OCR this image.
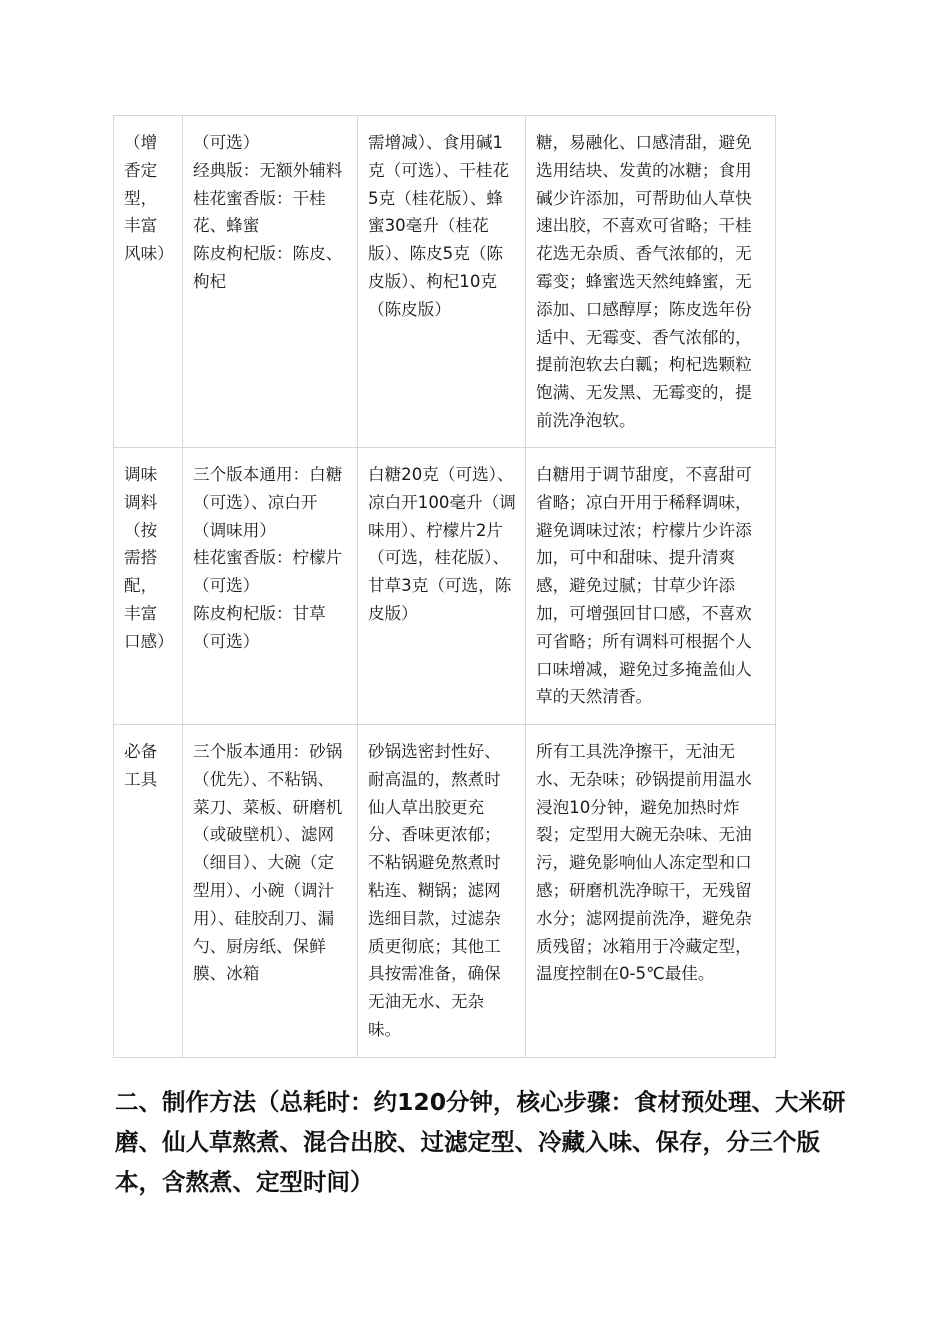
（增香定型，丰富风味）	（可选）
经典版：无额外辅料
桂花蜜香版：干桂花、蜂蜜
陈皮枸杞版：陈皮、枸杞	需增减）、食用碱1克（可选）、干桂花5克（桂花版）、蜂蜜30毫升（桂花版）、陈皮5克（陈皮版）、枸杞10克（陈皮版）	糖，易融化、口感清甜，避免选用结块、发黄的冰糖；食用碱少许添加，可帮助仙人草快速出胶，不喜欢可省略；干桂花选无杂质、香气浓郁的，无霉变；蜂蜜选天然纯蜂蜜，无添加、口感醇厚；陈皮选年份适中、无霉变、香气浓郁的，提前泡软去白瓤；枸杞选颗粒饱满、无发黑、无霉变的，提前洗净泡软。
调味调料（按需搭配，丰富口感）	三个版本通用：白糖（可选）、凉白开（调味用）
桂花蜜香版：柠檬片（可选）
陈皮枸杞版：甘草（可选）	白糖20克（可选）、凉白开100毫升（调味用）、柠檬片2片（可选，桂花版）、甘草3克（可选，陈皮版）	白糖用于调节甜度，不喜甜可省略；凉白开用于稀释调味，避免调味过浓；柠檬片少许添加，可中和甜味、提升清爽感，避免过腻；甘草少许添加，可增强回甘口感，不喜欢可省略；所有调料可根据个人口味增减，避免过多掩盖仙人草的天然清香。
必备工具	三个版本通用：砂锅（优先）、不粘锅、菜刀、菜板、研磨机（或破壁机）、滤网（细目）、大碗（定型用）、小碗（调汁用）、硅胶刮刀、漏勺、厨房纸、保鲜膜、冰箱	砂锅选密封性好、耐高温的，熬煮时仙人草出胶更充分、香味更浓郁；不粘锅避免熬煮时粘连、糊锅；滤网选细目款，过滤杂质更彻底；其他工具按需准备，确保无油无水、无杂味。	所有工具洗净擦干，无油无水、无杂味；砂锅提前用温水浸泡10分钟，避免加热时炸裂；定型用大碗无杂味、无油污，避免影响仙人冻定型和口感；研磨机洗净晾干，无残留水分；滤网提前洗净，避免杂质残留；冰箱用于冷藏定型，温度控制在0-5℃最佳。
二、制作方法（总耗时：约120分钟，核心步骤：食材预处理、大米研磨、仙人草熬煮、混合出胶、过滤定型、冷藏入味、保存，分三个版本，含熬煮、定型时间）
